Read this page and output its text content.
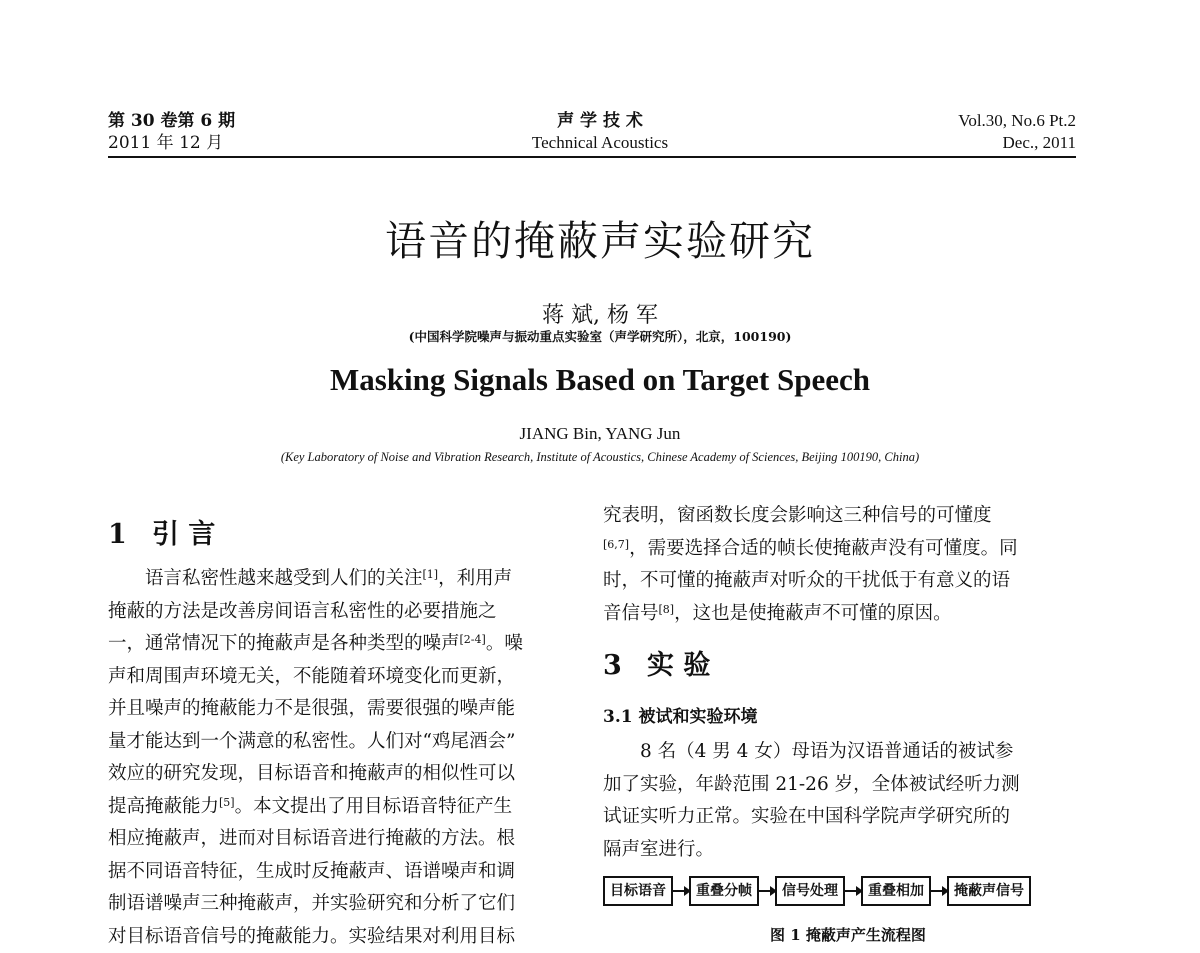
第 30 卷第 6 期
2011 年 12 月
声 学 技 术
Technical Acoustics
Vol.30, No.6 Pt.2
Dec., 2011
语音的掩蔽声实验研究
蒋 斌, 杨 军
(中国科学院噪声与振动重点实验室（声学研究所），北京，100190)
Masking Signals Based on Target Speech
JIANG Bin, YANG Jun
(Key Laboratory of Noise and Vibration Research, Institute of Acoustics, Chinese Academy of Sciences, Beijing 100190, China)
1 引 言
语言私密性越来越受到人们的关注[1]，利用声
掩蔽的方法是改善房间语言私密性的必要措施之
一，通常情况下的掩蔽声是各种类型的噪声[2-4]。噪
声和周围声环境无关，不能随着环境变化而更新，
并且噪声的掩蔽能力不是很强，需要很强的噪声能
量才能达到一个满意的私密性。人们对“鸡尾酒会”
效应的研究发现，目标语音和掩蔽声的相似性可以
提高掩蔽能力[5]。本文提出了用目标语音特征产生
相应掩蔽声，进而对目标语音进行掩蔽的方法。根
据不同语音特征，生成时反掩蔽声、语谱噪声和调
制语谱噪声三种掩蔽声，并实验研究和分析了它们
对目标语音信号的掩蔽能力。实验结果对利用目标
究表明，窗函数长度会影响这三种信号的可懂度
[6,7]，需要选择合适的帧长使掩蔽声没有可懂度。同
时，不可懂的掩蔽声对听众的干扰低于有意义的语
音信号[8]，这也是使掩蔽声不可懂的原因。
3 实 验
3.1 被试和实验环境
8 名（4 男 4 女）母语为汉语普通话的被试参
加了实验，年龄范围 21-26 岁，全体被试经听力测
试证实听力正常。实验在中国科学院声学研究所的
隔声室进行。
目标语音	重叠分帧	信号处理	重叠相加	掩蔽声信号
图 1 掩蔽声产生流程图
